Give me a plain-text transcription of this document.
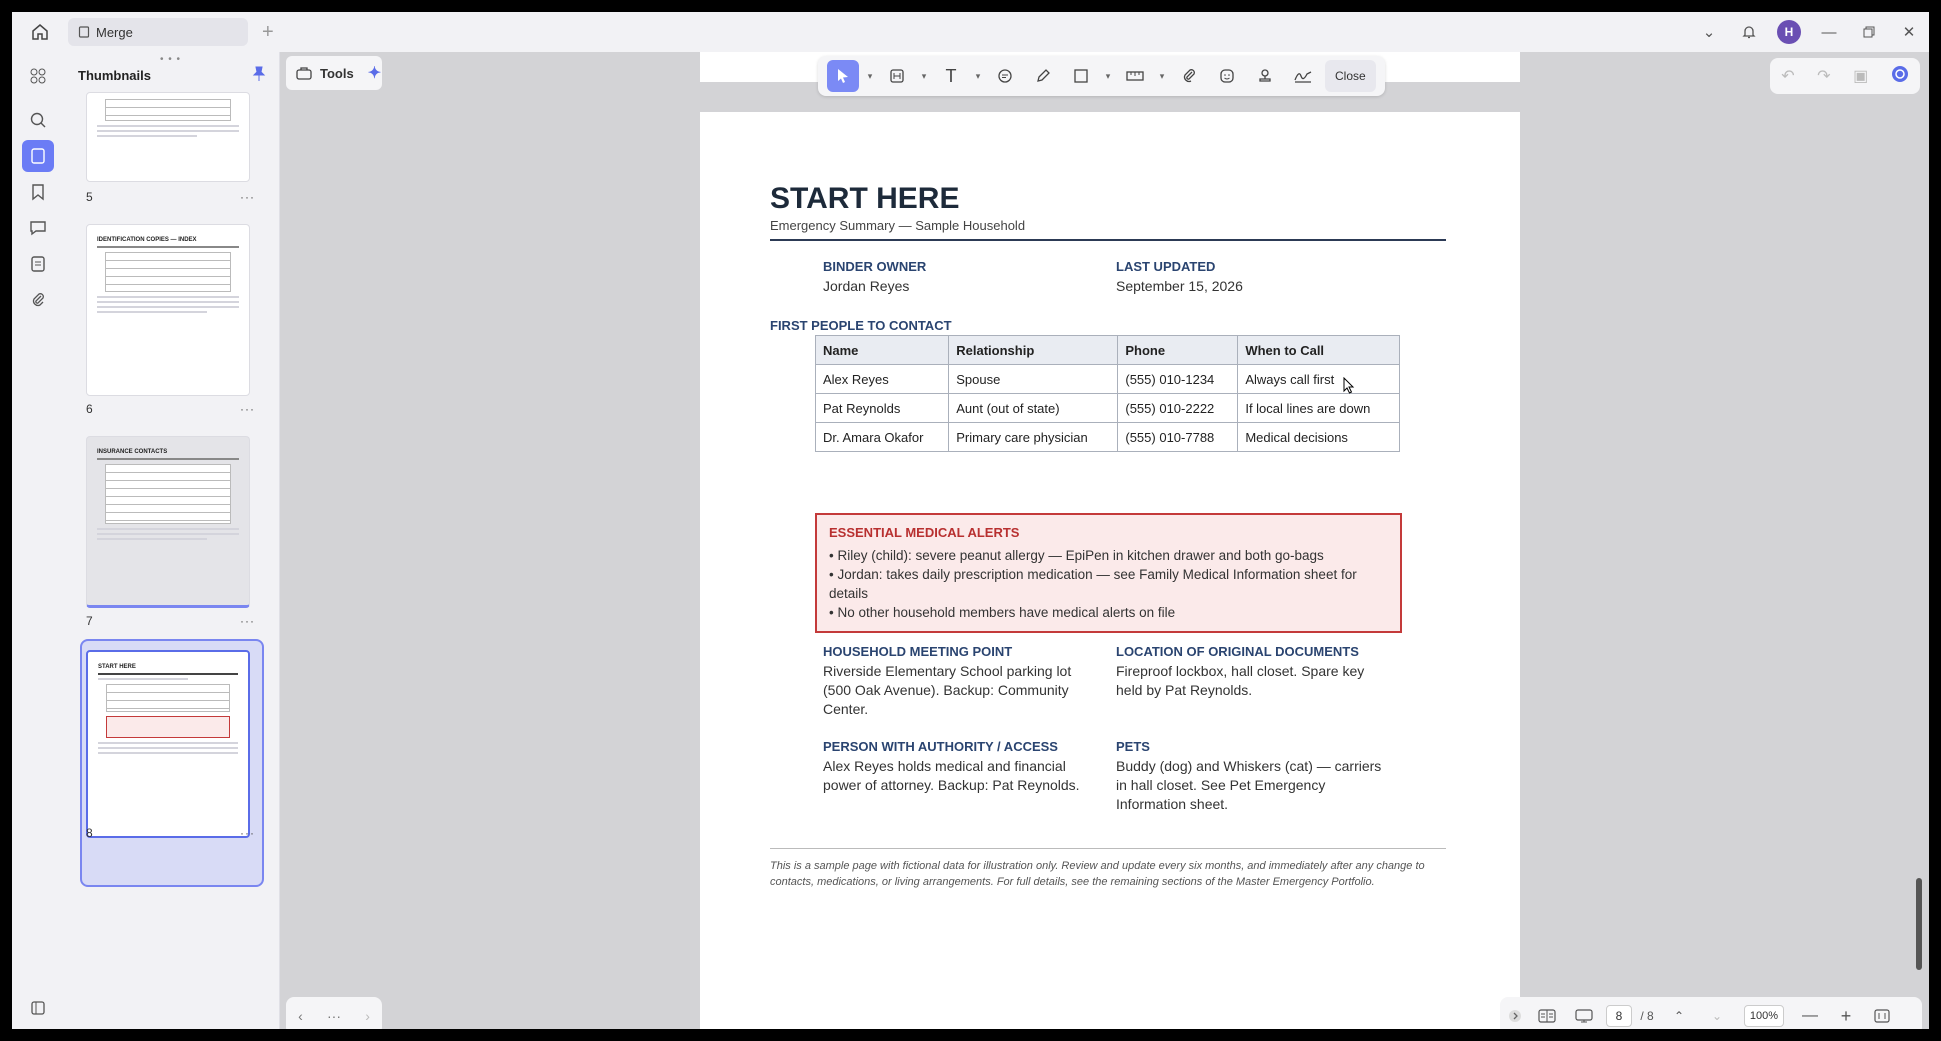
Merge	+	⌄	H	—	✕
• • •
Thumbnails
5	···
IDENTIFICATION COPIES — INDEX
6	···
INSURANCE CONTACTS
7	···
START HERE
8	···
Tools ✦	▾	▾	T	▾	▾	▾	Close	↶ ↷ ▣
START HERE
Emergency Summary — Sample Household
BINDER OWNER
Jordan Reyes
LAST UPDATED
September 15, 2026
FIRST PEOPLE TO CONTACT
Name	Relationship	Phone	When to Call
Alex Reyes	Spouse	(555) 010-1234	Always call first
Pat Reynolds	Aunt (out of state)	(555) 010-2222	If local lines are down
Dr. Amara Okafor	Primary care physician	(555) 010-7788	Medical decisions
ESSENTIAL MEDICAL ALERTS
• Riley (child): severe peanut allergy — EpiPen in kitchen drawer and both go-bags
• Jordan: takes daily prescription medication — see Family Medical Information sheet for details
• No other household members have medical alerts on file
HOUSEHOLD MEETING POINT
Riverside Elementary School parking lot (500 Oak Avenue). Backup: Community Center.
LOCATION OF ORIGINAL DOCUMENTS
Fireproof lockbox, hall closet. Spare key held by Pat Reynolds.
PERSON WITH AUTHORITY / ACCESS
Alex Reyes holds medical and financial power of attorney. Backup: Pat Reynolds.
PETS
Buddy (dog) and Whiskers (cat) — carriers in hall closet. See Pet Emergency Information sheet.
This is a sample page with fictional data for illustration only. Review and update every six months, and immediately after any change to contacts, medications, or living arrangements. For full details, see the remaining sections of the Master Emergency Portfolio.
‹ ··· ›	8	/ 8	⌃	⌄	100%	—	+
